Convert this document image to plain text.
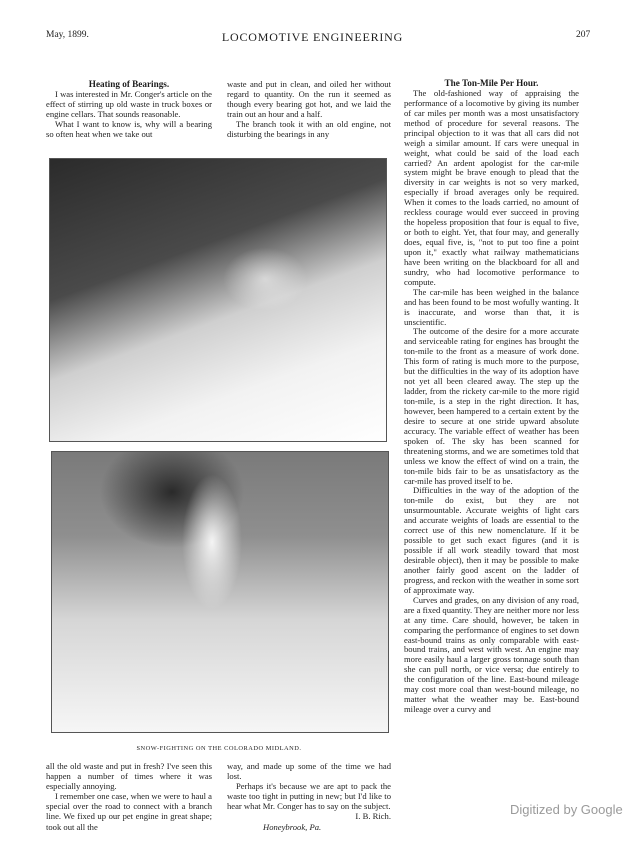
May, 1899.	LOCOMOTIVE ENGINEERING	207

Heating of Bearings.

I was interested in Mr. Conger's article on the effect of stirring up old waste in truck boxes or engine cellars. That sounds reasonable.

What I want to know is, why will a bearing so often heat when we take out

waste and put in clean, and oiled her without regard to quantity. On the run it seemed as though every bearing got hot, and we laid the train out an hour and a half.

The branch took it with an old engine, not disturbing the bearings in any

SNOW-FIGHTING ON THE COLORADO MIDLAND.

all the old waste and put in fresh? I've seen this happen a number of times where it was especially annoying.

I remember one case, when we were to haul a special over the road to connect with a branch line. We fixed up our pet engine in great shape; took out all the

way, and made up some of the time we had lost.

Perhaps it's because we are apt to pack the waste too tight in putting in new; but I'd like to hear what Mr. Conger has to say on the subject.

I. B. Rich.
Honeybrook, Pa.

The Ton-Mile Per Hour.

The old-fashioned way of appraising the performance of a locomotive by giving its number of car miles per month was a most unsatisfactory method of procedure for several reasons. The principal objection to it was that all cars did not weigh a similar amount. If cars were unequal in weight, what could be said of the load each carried? An ardent apologist for the car-mile system might be brave enough to plead that the diversity in car weights is not so very marked, especially if broad averages only be required. When it comes to the loads carried, no amount of reckless courage would ever succeed in proving the hopeless proposition that four is equal to five, or both to eight. Yet, that four may, and generally does, equal five, is, "not to put too fine a point upon it," exactly what railway mathematicians have been writing on the blackboard for all and sundry, who had locomotive performance to compute.

The car-mile has been weighed in the balance and has been found to be most wofully wanting. It is inaccurate, and worse than that, it is unscientific.

The outcome of the desire for a more accurate and serviceable rating for engines has brought the ton-mile to the front as a measure of work done. This form of rating is much more to the purpose, but the difficulties in the way of its adoption have not yet all been cleared away. The step up the ladder, from the rickety car-mile to the more rigid ton-mile, is a step in the right direction. It has, however, been hampered to a certain extent by the desire to secure at one stride upward absolute accuracy. The variable effect of weather has been spoken of. The sky has been scanned for threatening storms, and we are sometimes told that unless we know the effect of wind on a train, the ton-mile bids fair to be as unsatisfactory as the car-mile has proved itself to be.

Difficulties in the way of the adoption of the ton-mile do exist, but they are not unsurmountable. Accurate weights of light cars and accurate weights of loads are essential to the correct use of this new nomenclature. If it be possible to get such exact figures (and it is possible if all work steadily toward that most desirable object), then it may be possible to make another fairly good ascent on the ladder of progress, and reckon with the weather in some sort of approximate way.

Curves and grades, on any division of any road, are a fixed quantity. They are neither more nor less at any time. Care should, however, be taken in comparing the performance of engines to set down east-bound trains as only comparable with east-bound trains, and west with west. An engine may more easily haul a larger gross tonnage south than she can pull north, or vice versa; due entirely to the configuration of the line. East-bound mileage may cost more coal than west-bound mileage, no matter what the weather may be. East-bound mileage over a curvy and

Digitized by Google
